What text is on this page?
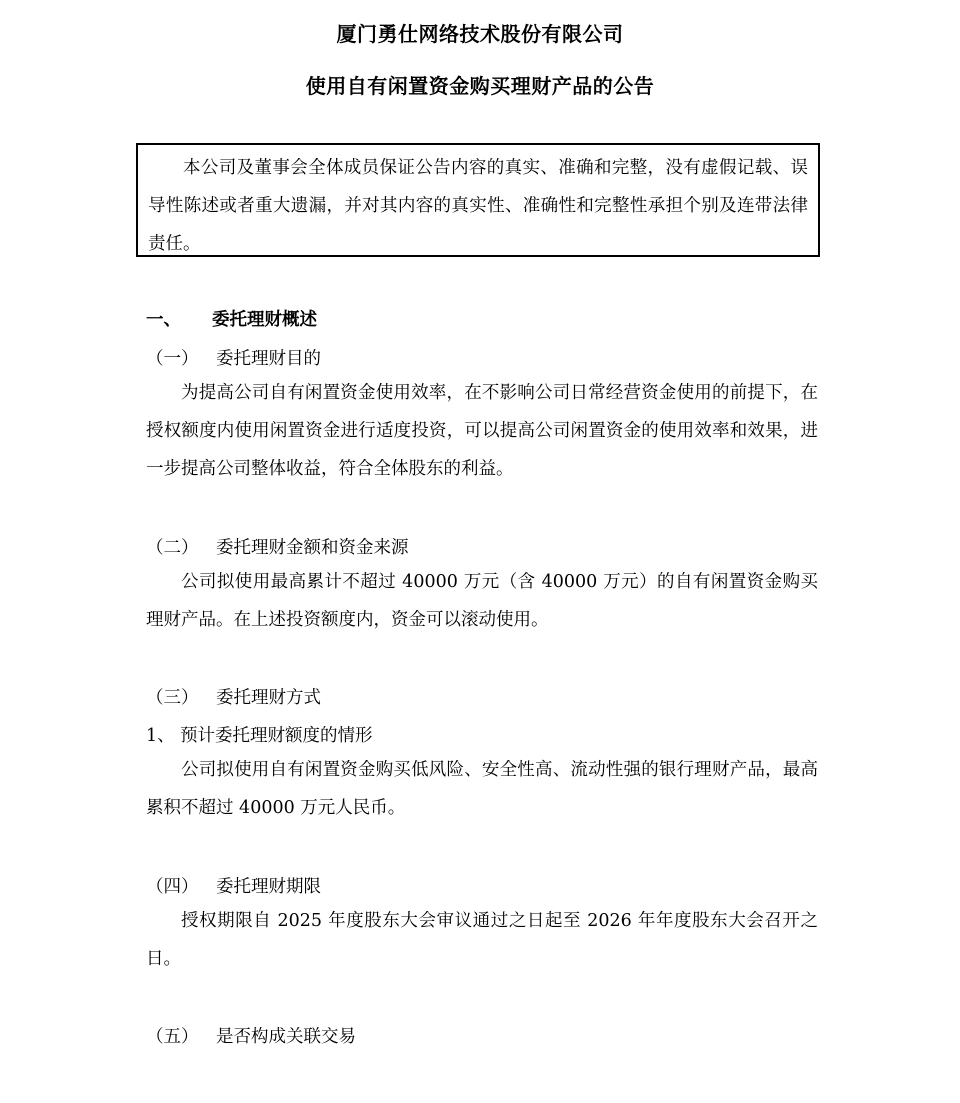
厦门勇仕网络技术股份有限公司
使用自有闲置资金购买理财产品的公告

本公司及董事会全体成员保证公告内容的真实、准确和完整，没有虚假记载、误导性陈述或者重大遗漏，并对其内容的真实性、准确性和完整性承担个别及连带法律责任。

一、 委托理财概述
（一） 委托理财目的

为提高公司自有闲置资金使用效率，在不影响公司日常经营资金使用的前提下，在授权额度内使用闲置资金进行适度投资，可以提高公司闲置资金的使用效率和效果，进一步提高公司整体收益，符合全体股东的利益。

（二） 委托理财金额和资金来源

公司拟使用最高累计不超过 40000 万元（含 40000 万元）的自有闲置资金购买理财产品。在上述投资额度内，资金可以滚动使用。

（三） 委托理财方式
1、 预计委托理财额度的情形

公司拟使用自有闲置资金购买低风险、安全性高、流动性强的银行理财产品，最高累积不超过 40000 万元人民币。

（四） 委托理财期限

授权期限自 2025 年度股东大会审议通过之日起至 2026 年年度股东大会召开之日。

（五） 是否构成关联交易
